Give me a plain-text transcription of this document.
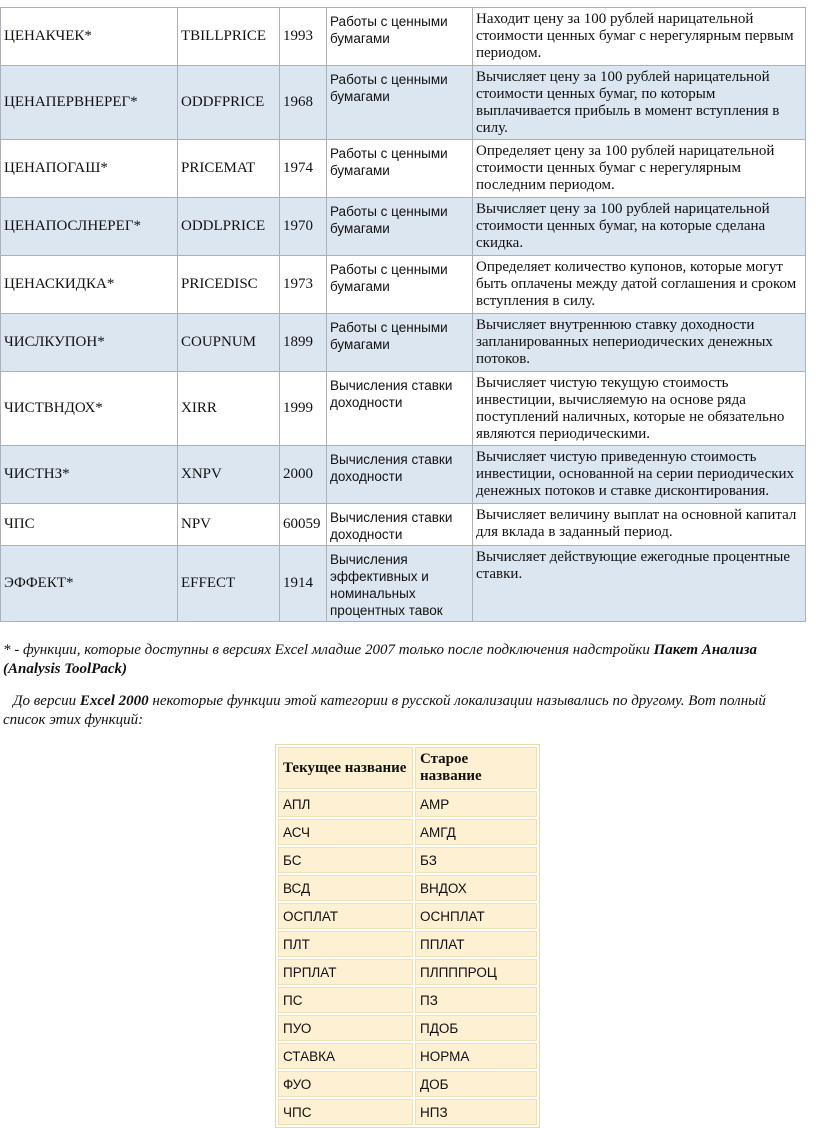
ЦЕНАКЧЕК*	TBILLPRICE	1993	Работы с ценными бумагами	Находит цену за 100 рублей нарицательной стоимости ценных бумаг с нерегулярным первым периодом.
ЦЕНАПЕРВНЕРЕГ*	ODDFPRICE	1968	Работы с ценными бумагами	Вычисляет цену за 100 рублей нарицательной стоимости ценных бумаг, по которым выплачивается прибыль в момент вступления в силу.
ЦЕНАПОГАШ*	PRICEMAT	1974	Работы с ценными бумагами	Определяет цену за 100 рублей нарицательной стоимости ценных бумаг с нерегулярным последним периодом.
ЦЕНАПОСЛНЕРЕГ*	ODDLPRICE	1970	Работы с ценными бумагами	Вычисляет цену за 100 рублей нарицательной стоимости ценных бумаг, на которые сделана скидка.
ЦЕНАСКИДКА*	PRICEDISC	1973	Работы с ценными бумагами	Определяет количество купонов, которые могут быть оплачены между датой соглашения и сроком вступления в силу.
ЧИСЛКУПОН*	COUPNUM	1899	Работы с ценными бумагами	Вычисляет внутреннюю ставку доходности запланированных непериодических денежных потоков.
ЧИСТВНДОХ*	XIRR	1999	Вычисления ставки доходности	Вычисляет чистую текущую стоимость инвестиции, вычисляемую на основе ряда поступлений наличных, которые не обязательно являются периодическими.
ЧИСТНЗ*	XNPV	2000	Вычисления ставки доходности	Вычисляет чистую приведенную стоимость инвестиции, основанной на серии периодических денежных потоков и ставке дисконтирования.
ЧПС	NPV	60059	Вычисления ставки доходности	Вычисляет величину выплат на основной капитал для вклада в заданный период.
ЭФФЕКТ*	EFFECT	1914	Вычисления эффективных и номинальных процентных тавок	Вычисляет действующие ежегодные процентные ставки.
* - функции, которые доступны в версиях Excel младше 2007 только после подключения надстройки Пакет Анализа (Analysis ToolPack)
До версии Excel 2000 некоторые функции этой категории в русской локализации назывались по другому. Вот полный список этих функций:
Текущее название	Старое название
АПЛ	АМР
АСЧ	АМГД
БС	БЗ
ВСД	ВНДОХ
ОСПЛАТ	ОСНПЛАТ
ПЛТ	ППЛАТ
ПРПЛАТ	ПЛПППРОЦ
ПС	ПЗ
ПУО	ПДОБ
СТАВКА	НОРМА
ФУО	ДОБ
ЧПС	НПЗ
